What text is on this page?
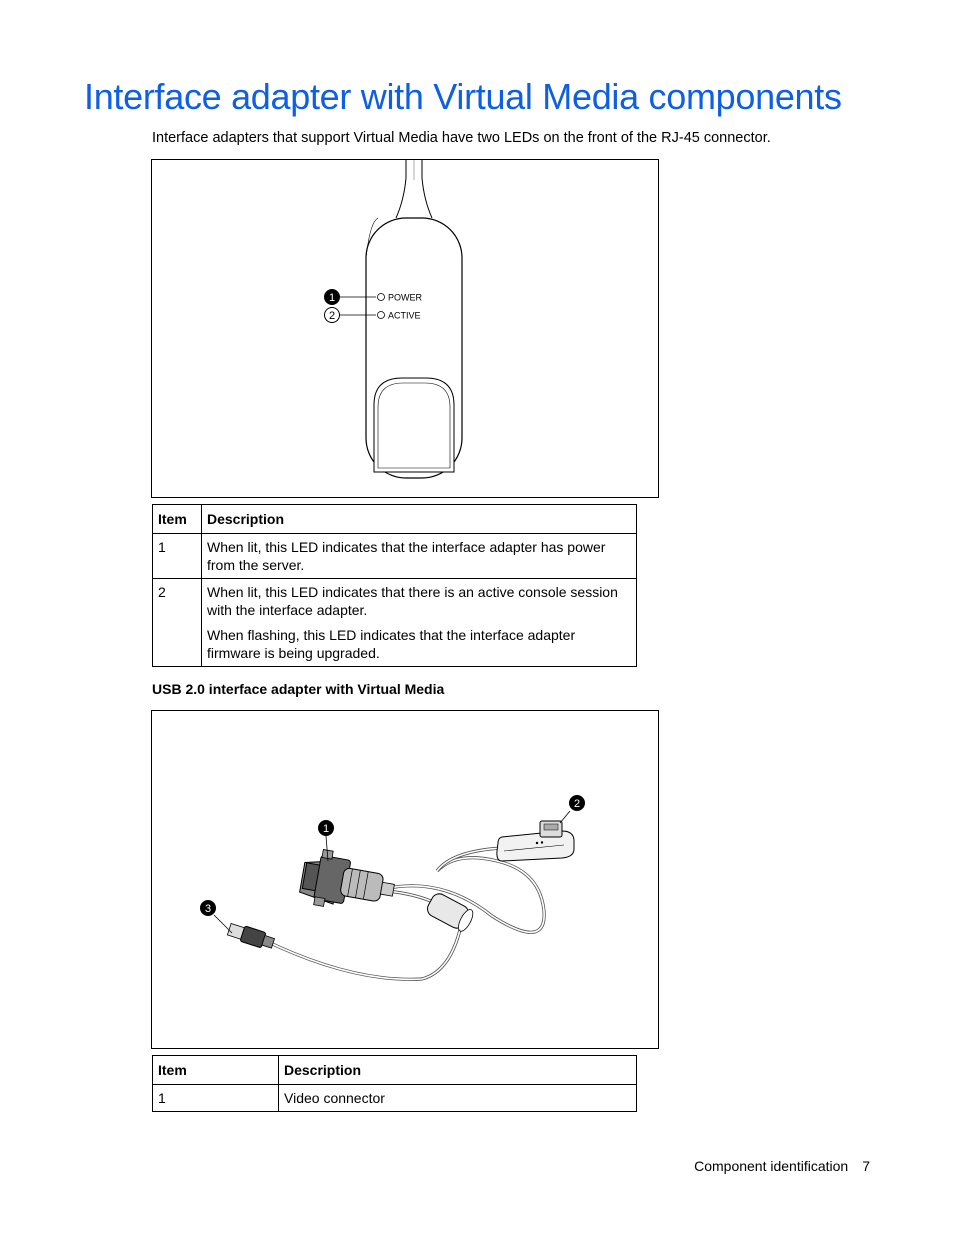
Interface adapter with Virtual Media components

Interface adapters that support Virtual Media have two LEDs on the front of the RJ-45 connector.

POWER
ACTIVE
1
2
Item	Description
1	When lit, this LED indicates that the interface adapter has power from the server.

2	When lit, this LED indicates that there is an active console session with the interface adapter.

When flashing, this LED indicates that the interface adapter firmware is being upgraded.

USB 2.0 interface adapter with Virtual Media

1
2
3
Item	Description
1	Video connector
Component identification 7
